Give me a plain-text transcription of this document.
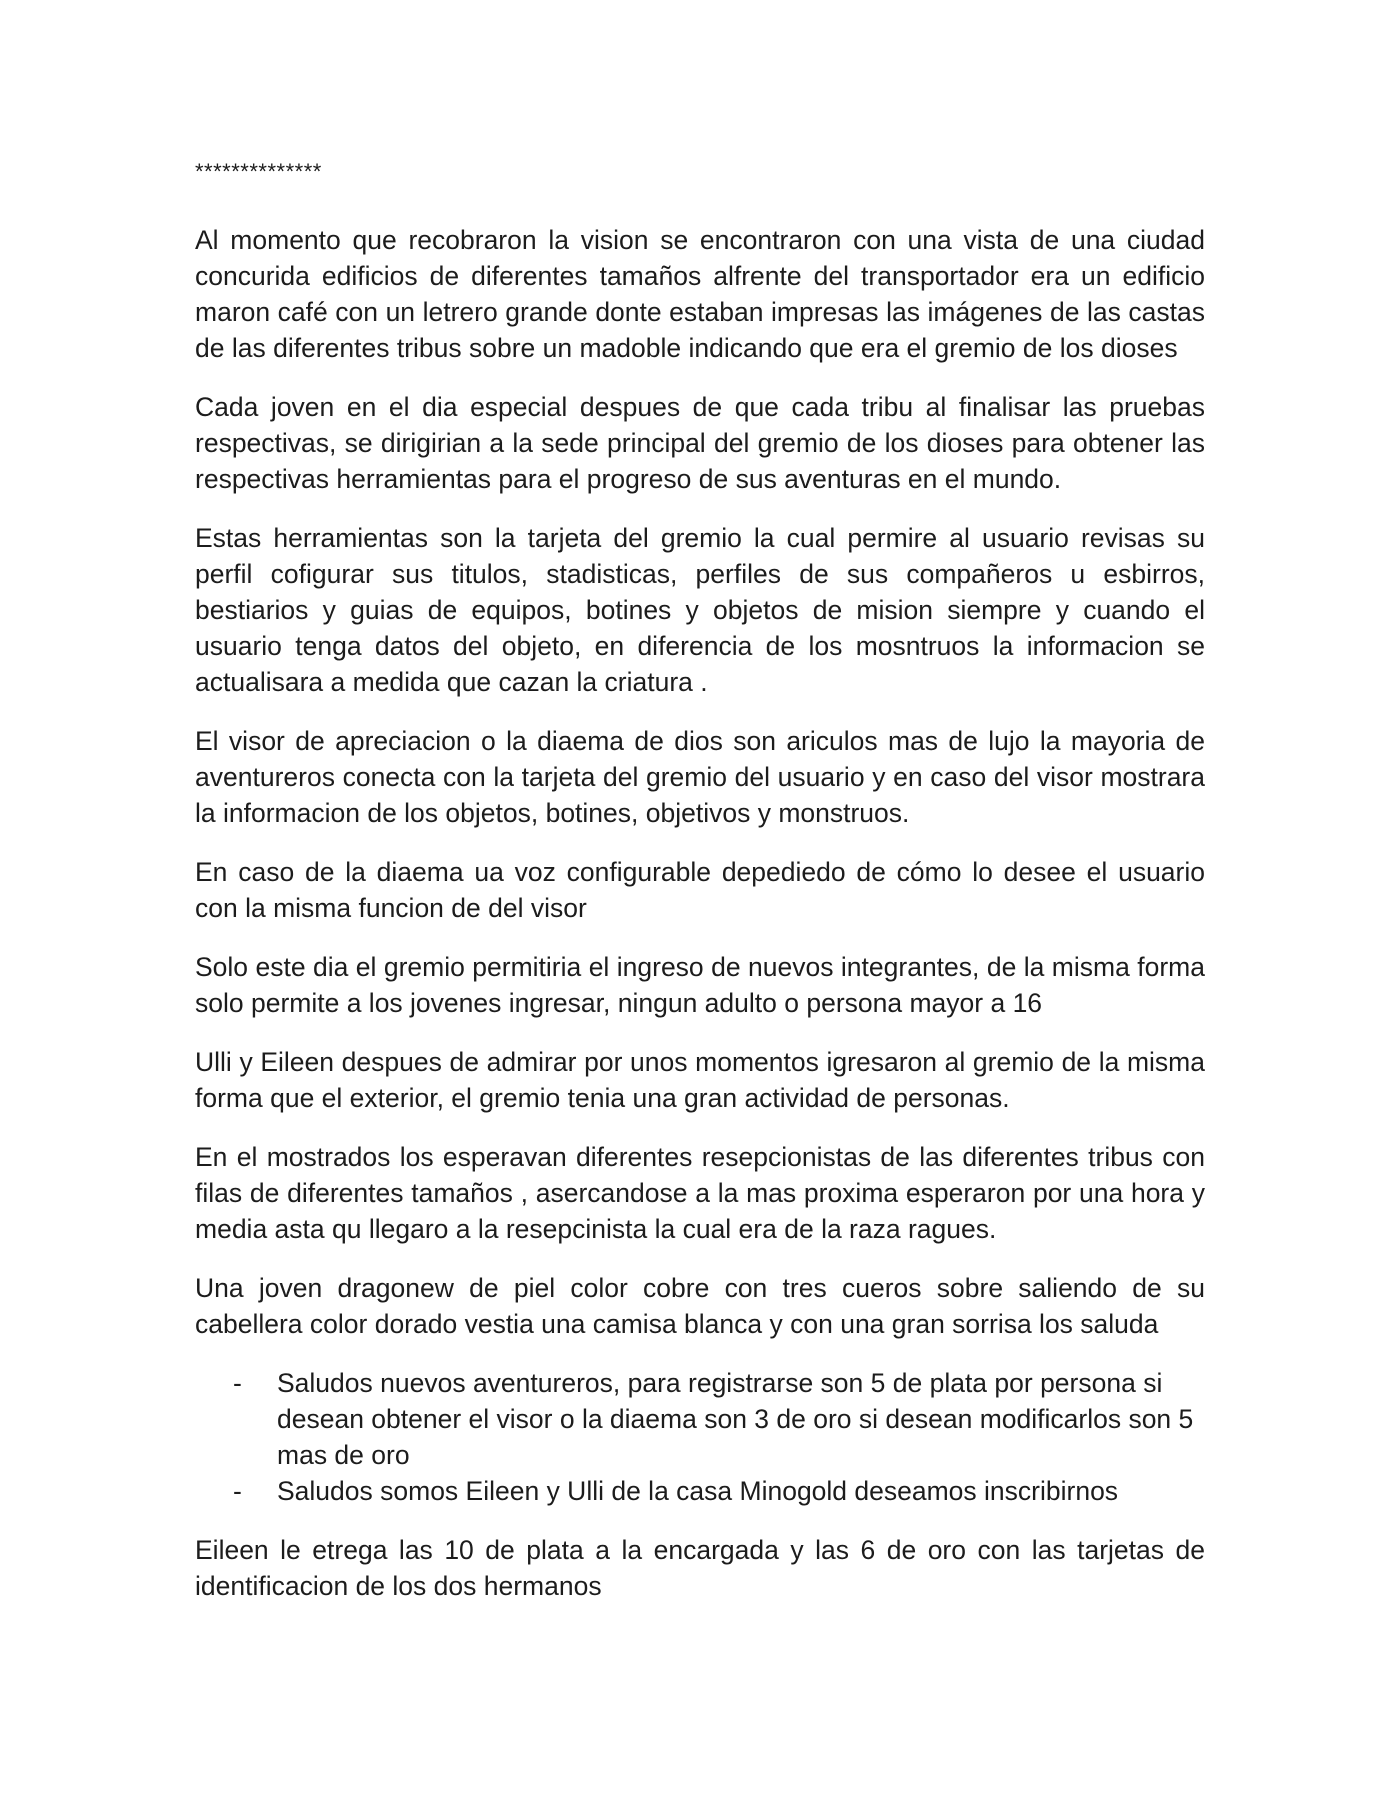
**************

Al momento que recobraron la vision se encontraron con una vista de una ciudad concurida edificios de diferentes tamaños alfrente del transportador era un edificio maron café con un letrero grande donte estaban impresas las imágenes de las castas de las diferentes tribus sobre un madoble indicando que era el gremio de los dioses

Cada joven en el dia especial despues de que cada tribu al finalisar las pruebas respectivas, se dirigirian a la sede principal del gremio de los dioses para obtener las respectivas herramientas para el progreso de sus aventuras en el mundo.

Estas herramientas son la tarjeta del gremio la cual permire al usuario revisas su perfil cofigurar sus titulos, stadisticas, perfiles de sus compañeros u esbirros, bestiarios y guias de equipos, botines y objetos de mision siempre y cuando el usuario tenga datos del objeto, en diferencia de los mosntruos la informacion se actualisara a medida que cazan la criatura .

El visor de apreciacion o la diaema de dios son ariculos mas de lujo la mayoria de aventureros conecta con la tarjeta del gremio del usuario y en caso del visor mostrara la informacion de los objetos, botines, objetivos y monstruos.

En caso de la diaema ua voz configurable depediedo de cómo lo desee el usuario con la misma funcion de del visor

Solo este dia el gremio permitiria el ingreso de nuevos integrantes, de la misma forma solo permite a los jovenes ingresar, ningun adulto o persona mayor a 16

Ulli y Eileen despues de admirar por unos momentos igresaron al gremio de la misma forma que el exterior, el gremio tenia una gran actividad de personas.

En el mostrados los esperavan diferentes resepcionistas de las diferentes tribus con filas de diferentes tamaños , asercandose a la mas proxima esperaron por una hora y media asta qu llegaro a la resepcinista la cual era de la raza ragues.

Una joven dragonew de piel color cobre con tres cueros sobre saliendo de su cabellera color dorado vestia una camisa blanca y con una gran sorrisa los saluda

- Saludos nuevos aventureros, para registrarse son 5 de plata por persona si desean obtener el visor o la diaema son 3 de oro si desean modificarlos son 5 mas de oro
- Saludos somos Eileen y Ulli de la casa Minogold deseamos inscribirnos

Eileen le etrega las 10 de plata a la encargada y las 6 de oro con las tarjetas de identificacion de los dos hermanos
